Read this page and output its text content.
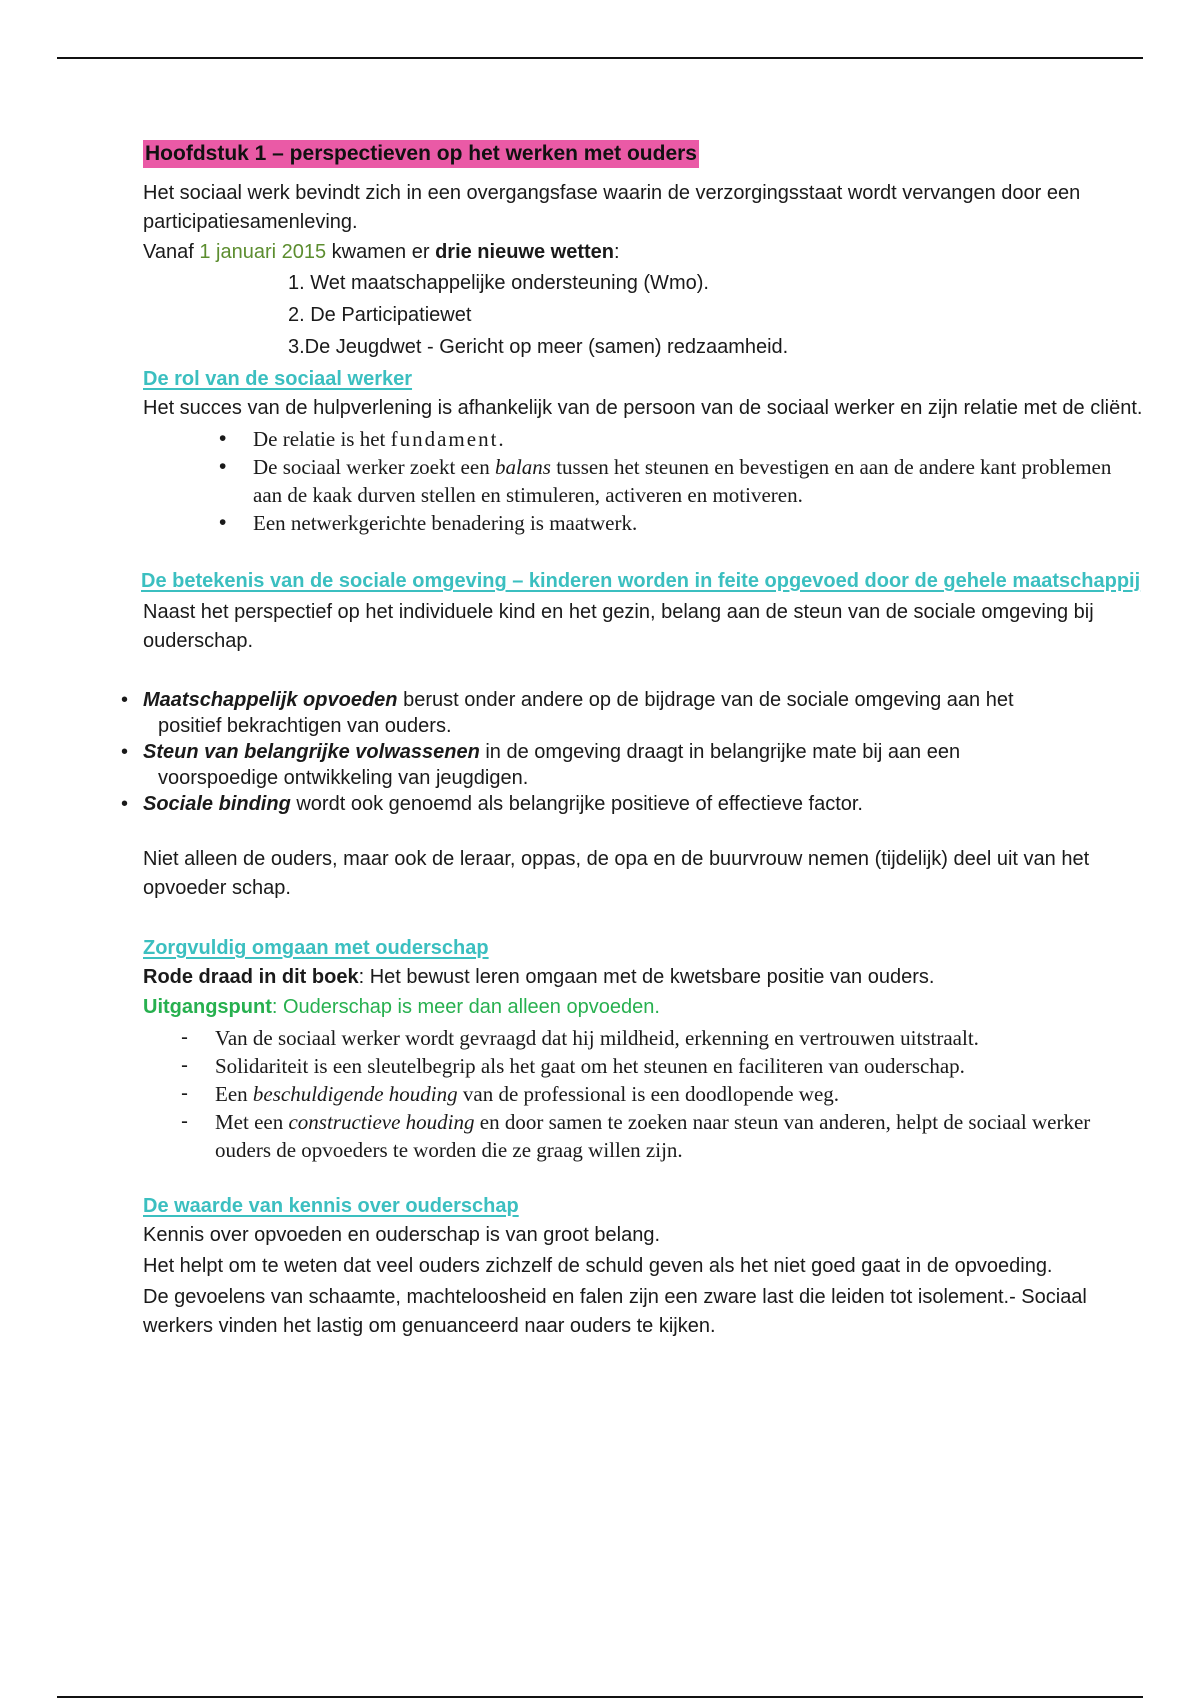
Hoofdstuk 1 – perspectieven op het werken met ouders

Het sociaal werk bevindt zich in een overgangsfase waarin de verzorgingsstaat wordt vervangen door een participatiesamenleving.

Vanaf 1 januari 2015 kwamen er drie nieuwe wetten:

1. Wet maatschappelijke ondersteuning (Wmo).
2. De Participatiewet
3.De Jeugdwet - Gericht op meer (samen) redzaamheid.

De rol van de sociaal werker

Het succes van de hulpverlening is afhankelijk van de persoon van de sociaal werker en zijn relatie met de cliënt.

• De relatie is het fundament.
• De sociaal werker zoekt een balans tussen het steunen en bevestigen en aan de andere kant problemen aan de kaak durven stellen en stimuleren, activeren en motiveren.
• Een netwerkgerichte benadering is maatwerk.

De betekenis van de sociale omgeving – kinderen worden in feite opgevoed door de gehele maatschappij

Naast het perspectief op het individuele kind en het gezin, belang aan de steun van de sociale omgeving bij ouderschap.

• Maatschappelijk opvoeden berust onder andere op de bijdrage van de sociale omgeving aan het
positief bekrachtigen van ouders.
• Steun van belangrijke volwassenen in de omgeving draagt in belangrijke mate bij aan een
voorspoedige ontwikkeling van jeugdigen.
• Sociale binding wordt ook genoemd als belangrijke positieve of effectieve factor.

Niet alleen de ouders, maar ook de leraar, oppas, de opa en de buurvrouw nemen (tijdelijk) deel uit van het opvoeder schap.

Zorgvuldig omgaan met ouderschap

Rode draad in dit boek: Het bewust leren omgaan met de kwetsbare positie van ouders.

Uitgangspunt: Ouderschap is meer dan alleen opvoeden.

- Van de sociaal werker wordt gevraagd dat hij mildheid, erkenning en vertrouwen uitstraalt.
- Solidariteit is een sleutelbegrip als het gaat om het steunen en faciliteren van ouderschap.
- Een beschuldigende houding van de professional is een doodlopende weg.
- Met een constructieve houding en door samen te zoeken naar steun van anderen, helpt de sociaal werker ouders de opvoeders te worden die ze graag willen zijn.

De waarde van kennis over ouderschap

Kennis over opvoeden en ouderschap is van groot belang.

Het helpt om te weten dat veel ouders zichzelf de schuld geven als het niet goed gaat in de opvoeding.

De gevoelens van schaamte, machteloosheid en falen zijn een zware last die leiden tot isolement.- Sociaal werkers vinden het lastig om genuanceerd naar ouders te kijken.
